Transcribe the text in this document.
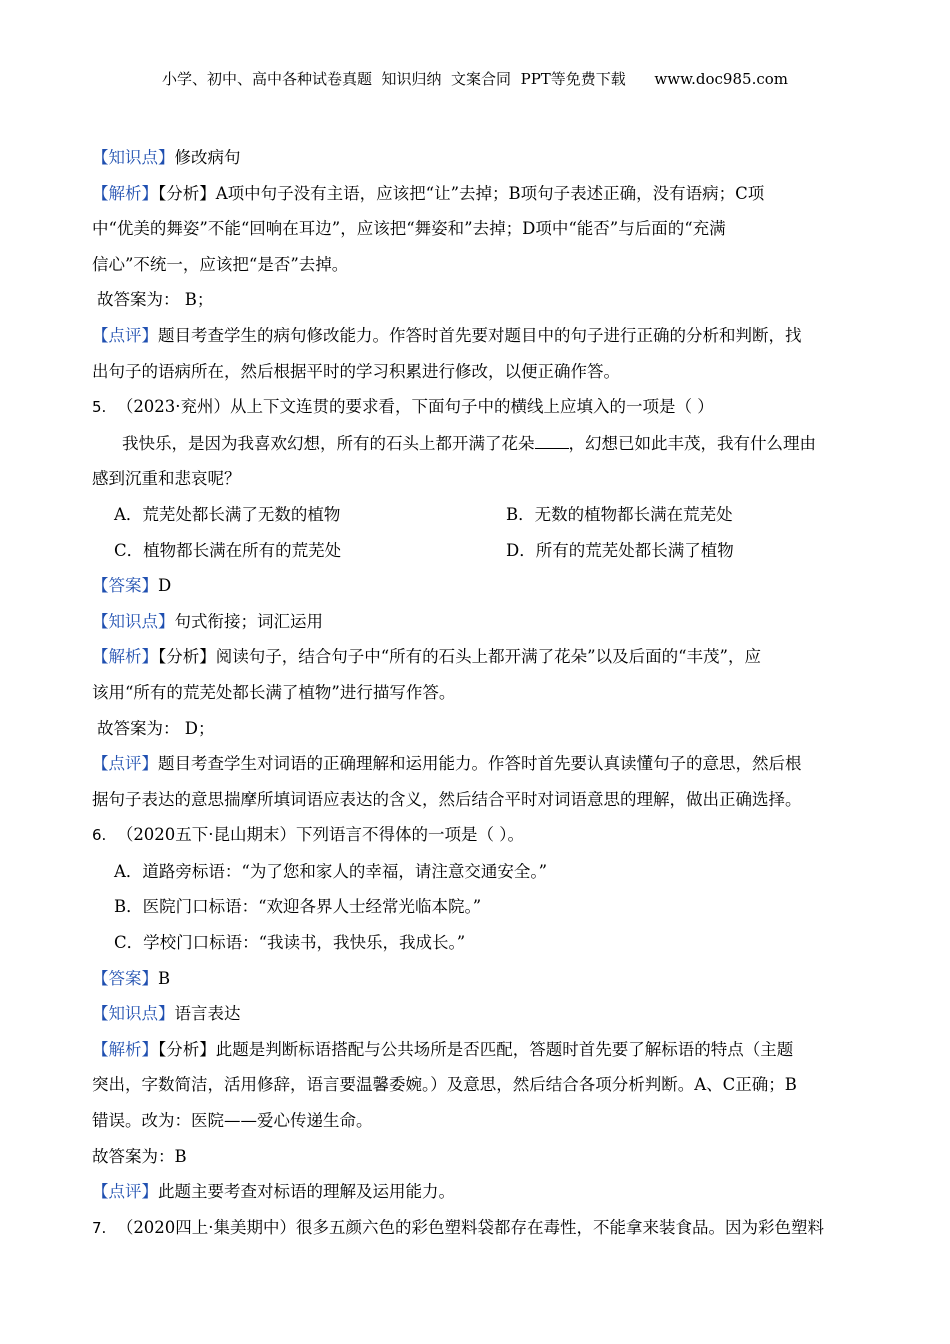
小学、初中、高中各种试卷真题  知识归纳  文案合同  PPT等免费下载      www.doc985.com
【知识点】修改病句
【解析】【分析】A项中句子没有主语，应该把“让”去掉；B项句子表述正确，没有语病；C项
中“优美的舞姿”不能“回响在耳边”，应该把“舞姿和”去掉；D项中“能否”与后面的“充满
信心”不统一，应该把“是否”去掉。
故答案为： B；
【点评】题目考查学生的病句修改能力。作答时首先要对题目中的句子进行正确的分析和判断，找
出句子的语病所在，然后根据平时的学习积累进行修改，以便正确作答。
5. （2023·兖州）从上下文连贯的要求看，下面句子中的横线上应填入的一项是（ ）
我快乐，是因为我喜欢幻想，所有的石头上都开满了花朵 ，幻想已如此丰茂，我有什么理由
感到沉重和悲哀呢？
A．荒芜处都长满了无数的植物	B．无数的植物都长满在荒芜处
C．植物都长满在所有的荒芜处	D．所有的荒芜处都长满了植物
【答案】D
【知识点】句式衔接；词汇运用
【解析】【分析】阅读句子，结合句子中“所有的石头上都开满了花朵”以及后面的“丰茂”，应
该用“所有的荒芜处都长满了植物”进行描写作答。
故答案为： D；
【点评】题目考查学生对词语的正确理解和运用能力。作答时首先要认真读懂句子的意思，然后根
据句子表达的意思揣摩所填词语应表达的含义，然后结合平时对词语意思的理解，做出正确选择。
6. （2020五下·昆山期末）下列语言不得体的一项是（ ）。
A．道路旁标语：“为了您和家人的幸福，请注意交通安全。”
B．医院门口标语：“欢迎各界人士经常光临本院。”
C．学校门口标语：“我读书，我快乐，我成长。”
【答案】B
【知识点】语言表达
【解析】【分析】此题是判断标语搭配与公共场所是否匹配，答题时首先要了解标语的特点（主题
突出，字数简洁，活用修辞，语言要温馨委婉。）及意思，然后结合各项分析判断。A、C正确；B
错误。改为：医院——爱心传递生命。
故答案为：B
【点评】此题主要考查对标语的理解及运用能力。
7. （2020四上·集美期中）很多五颜六色的彩色塑料袋都存在毒性，不能拿来装食品。因为彩色塑料
